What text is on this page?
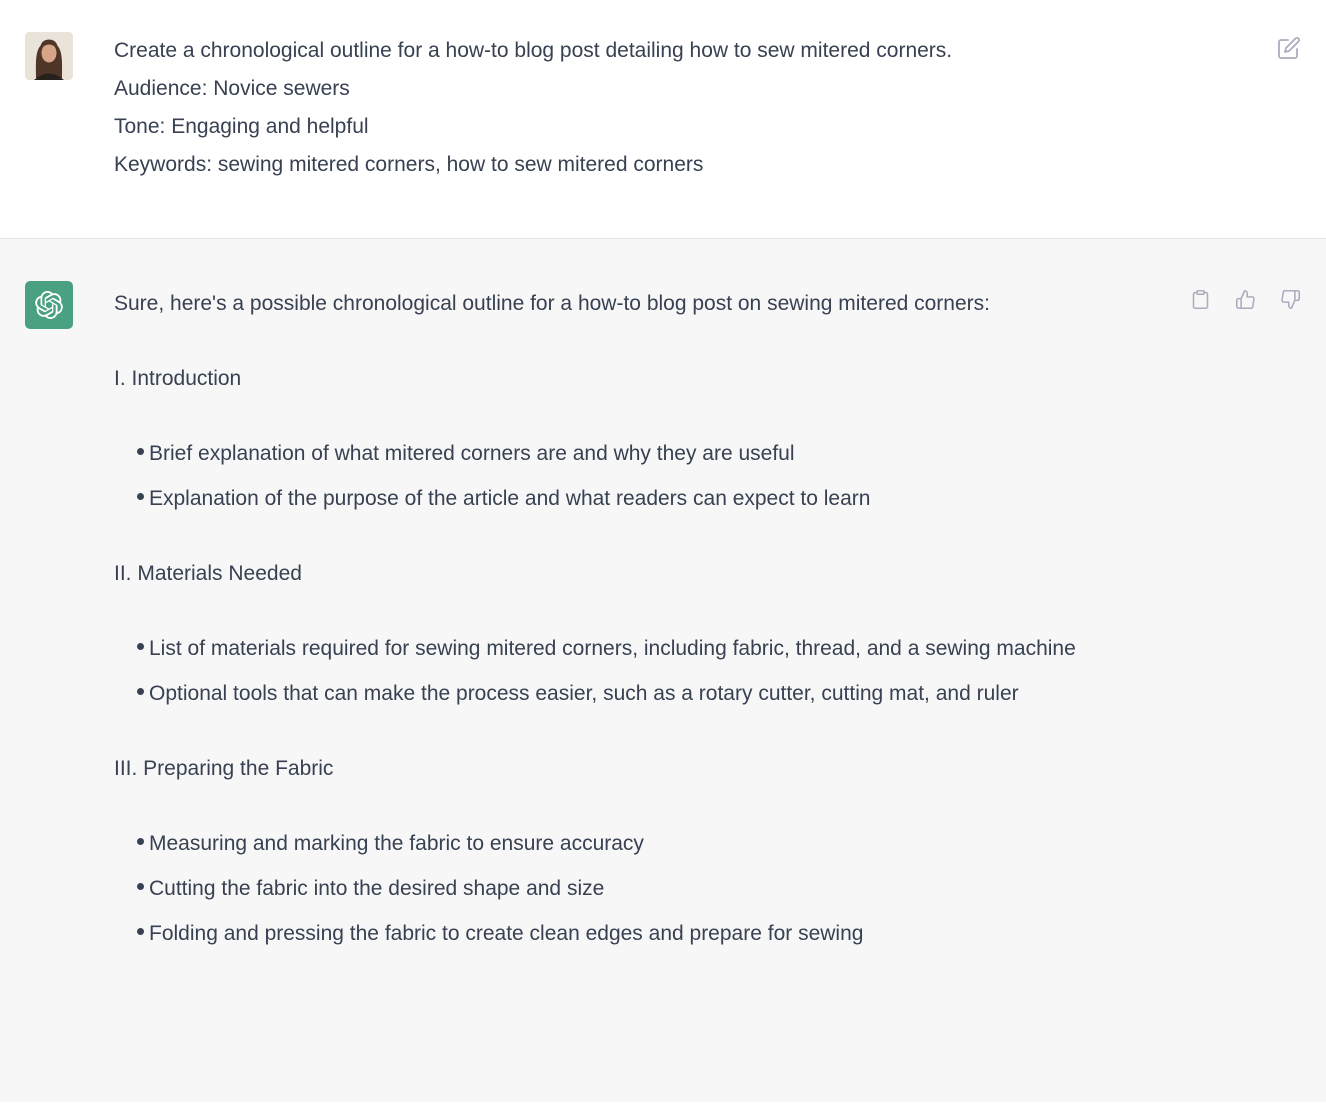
Create a chronological outline for a how-to blog post detailing how to sew mitered corners.

Audience: Novice sewers

Tone: Engaging and helpful

Keywords: sewing mitered corners, how to sew mitered corners

Sure, here's a possible chronological outline for a how-to blog post on sewing mitered corners:

I. Introduction

Brief explanation of what mitered corners are and why they are useful
Explanation of the purpose of the article and what readers can expect to learn

II. Materials Needed

List of materials required for sewing mitered corners, including fabric, thread, and a sewing machine
Optional tools that can make the process easier, such as a rotary cutter, cutting mat, and ruler

III. Preparing the Fabric

Measuring and marking the fabric to ensure accuracy
Cutting the fabric into the desired shape and size
Folding and pressing the fabric to create clean edges and prepare for sewing
